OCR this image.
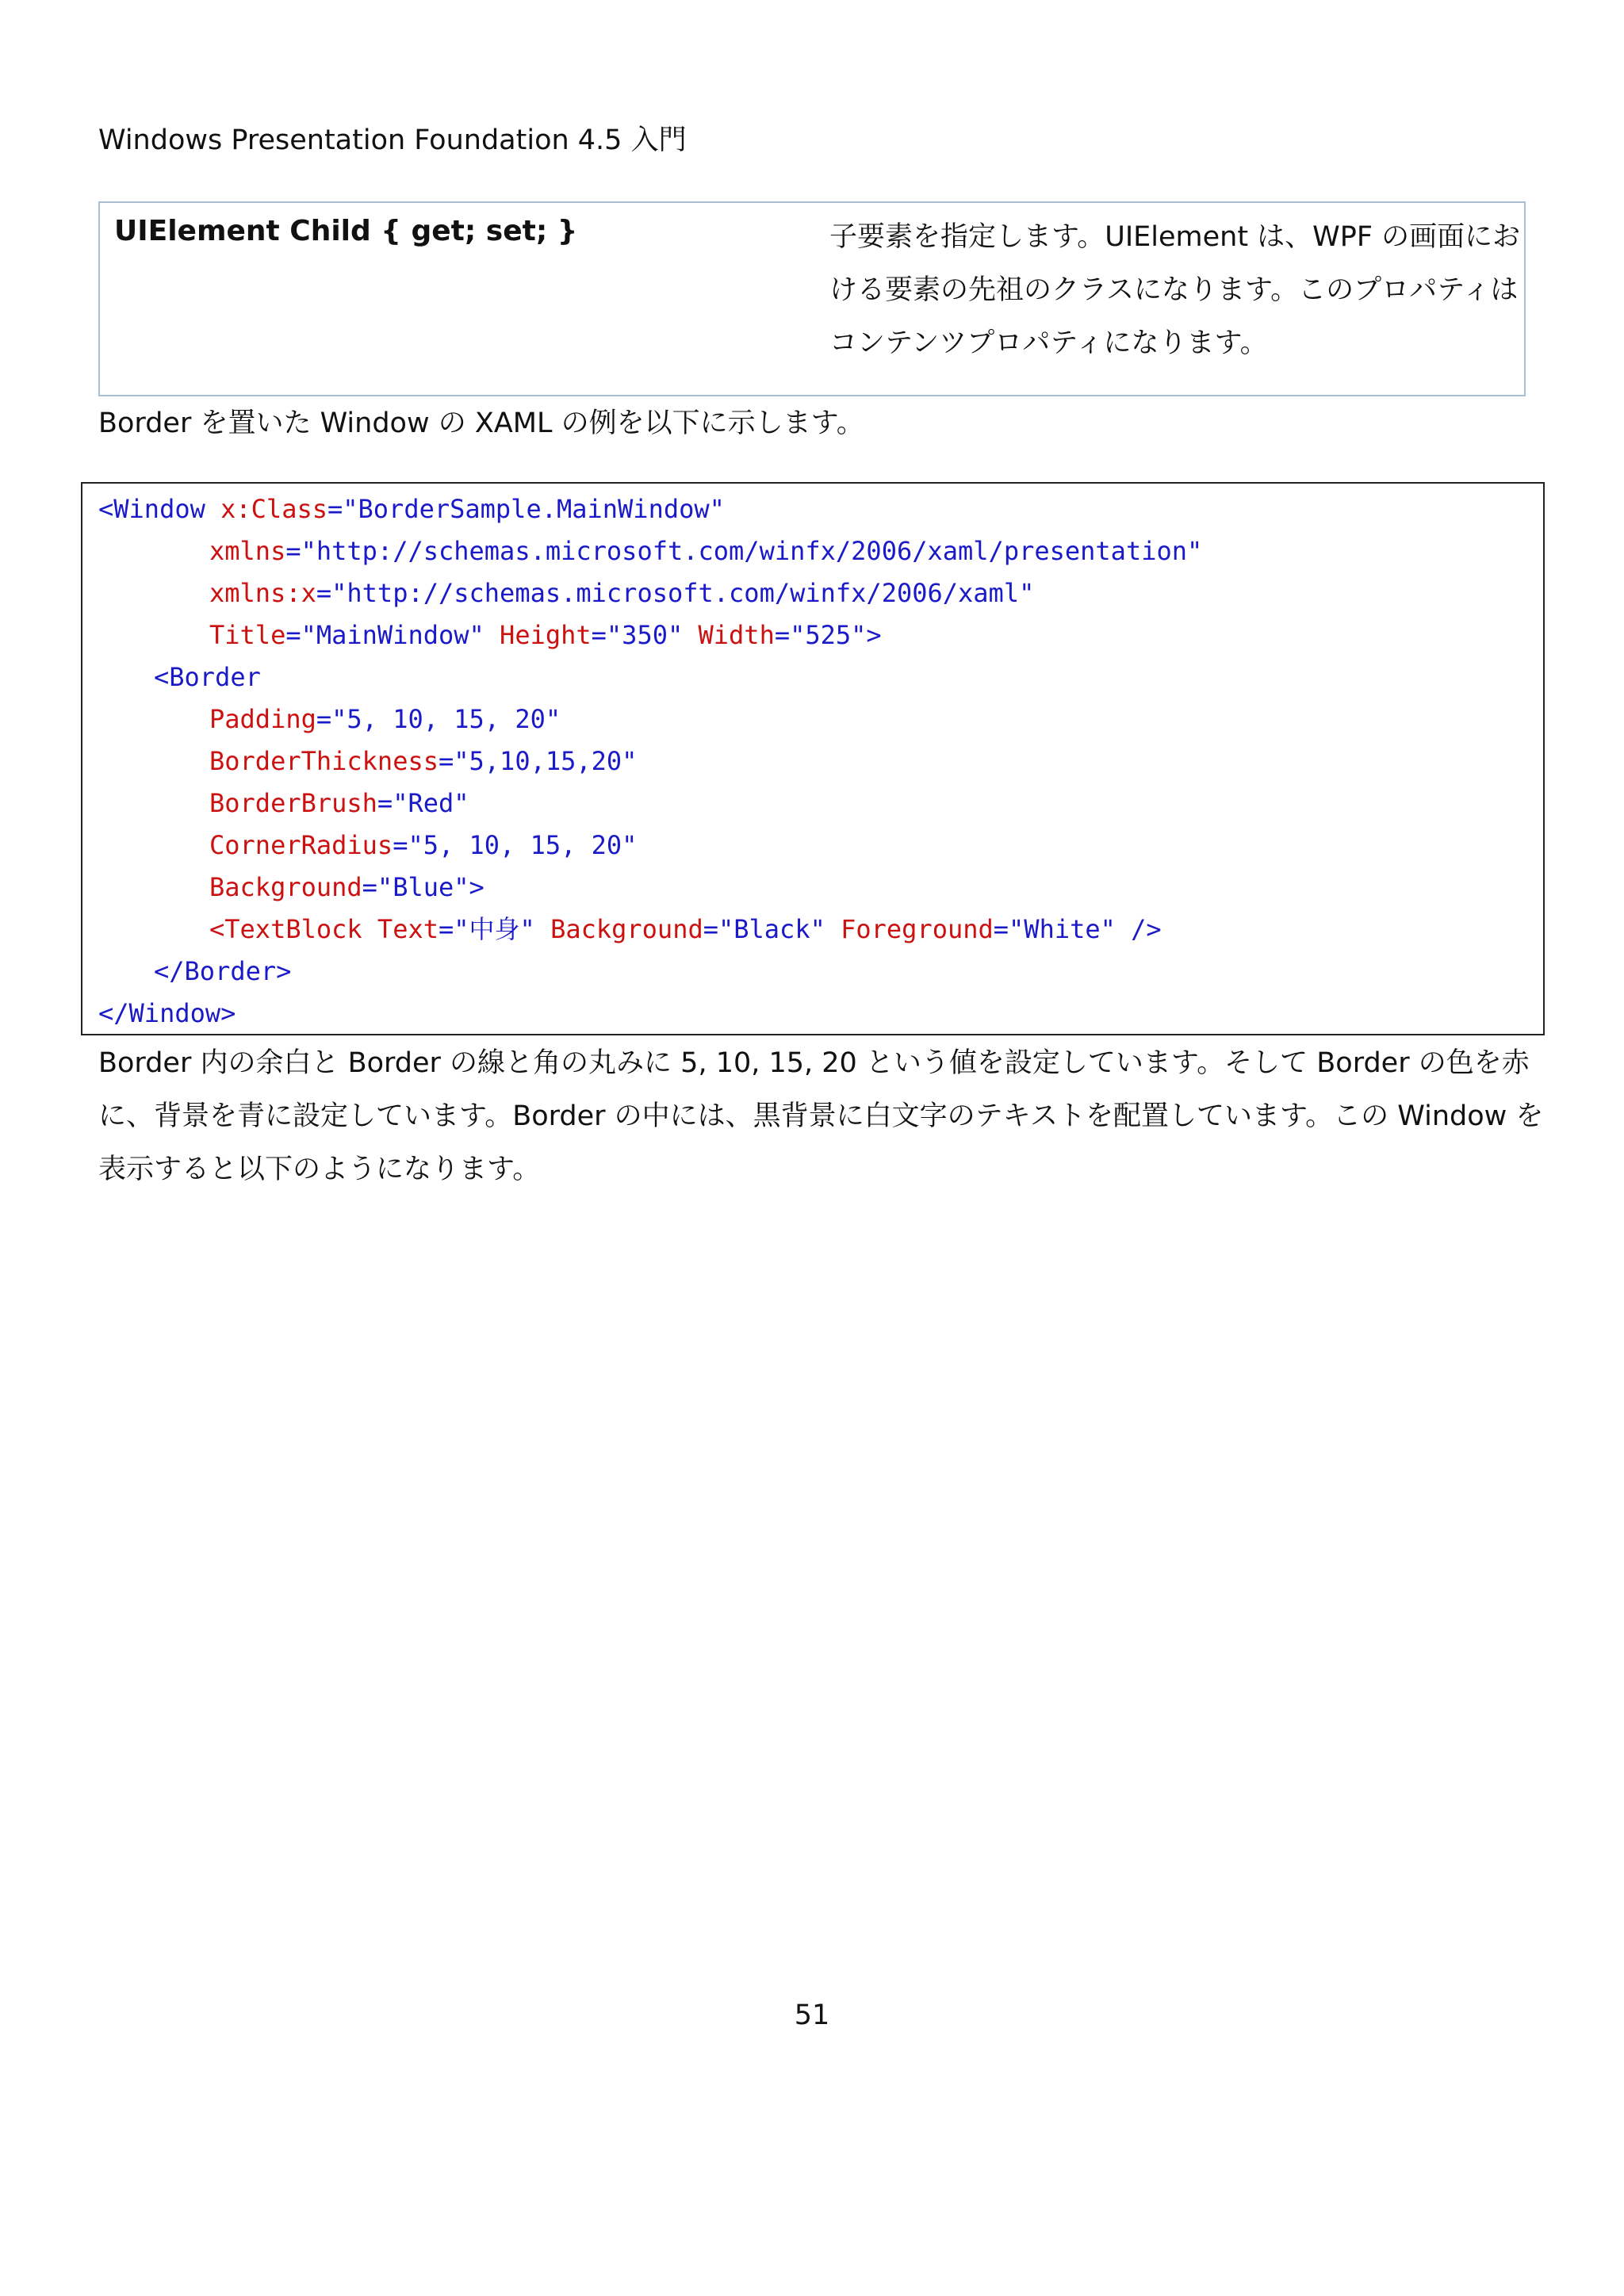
Windows Presentation Foundation 4.5 入門
UIElement Child { get; set; }	子要素を指定します。UIElement は、WPF の画面にお
ける要素の先祖のクラスになります。このプロパティは
コンテンツプロパティになります。
Border を置いた Window の XAML の例を以下に示します。
<Window x:Class="BorderSample.MainWindow"
xmlns="http://schemas.microsoft.com/winfx/2006/xaml/presentation"
xmlns:x="http://schemas.microsoft.com/winfx/2006/xaml"
Title="MainWindow" Height="350" Width="525">
<Border
Padding="5, 10, 15, 20"
BorderThickness="5,10,15,20"
BorderBrush="Red"
CornerRadius="5, 10, 15, 20"
Background="Blue">
<TextBlock Text="中身" Background="Black" Foreground="White" />
</Border>
</Window>
Border 内の余白と Border の線と角の丸みに 5, 10, 15, 20 という値を設定しています。そして Border の色を赤
に、背景を青に設定しています。Border の中には、黒背景に白文字のテキストを配置しています。この Window を
表示すると以下のようになります。
51
